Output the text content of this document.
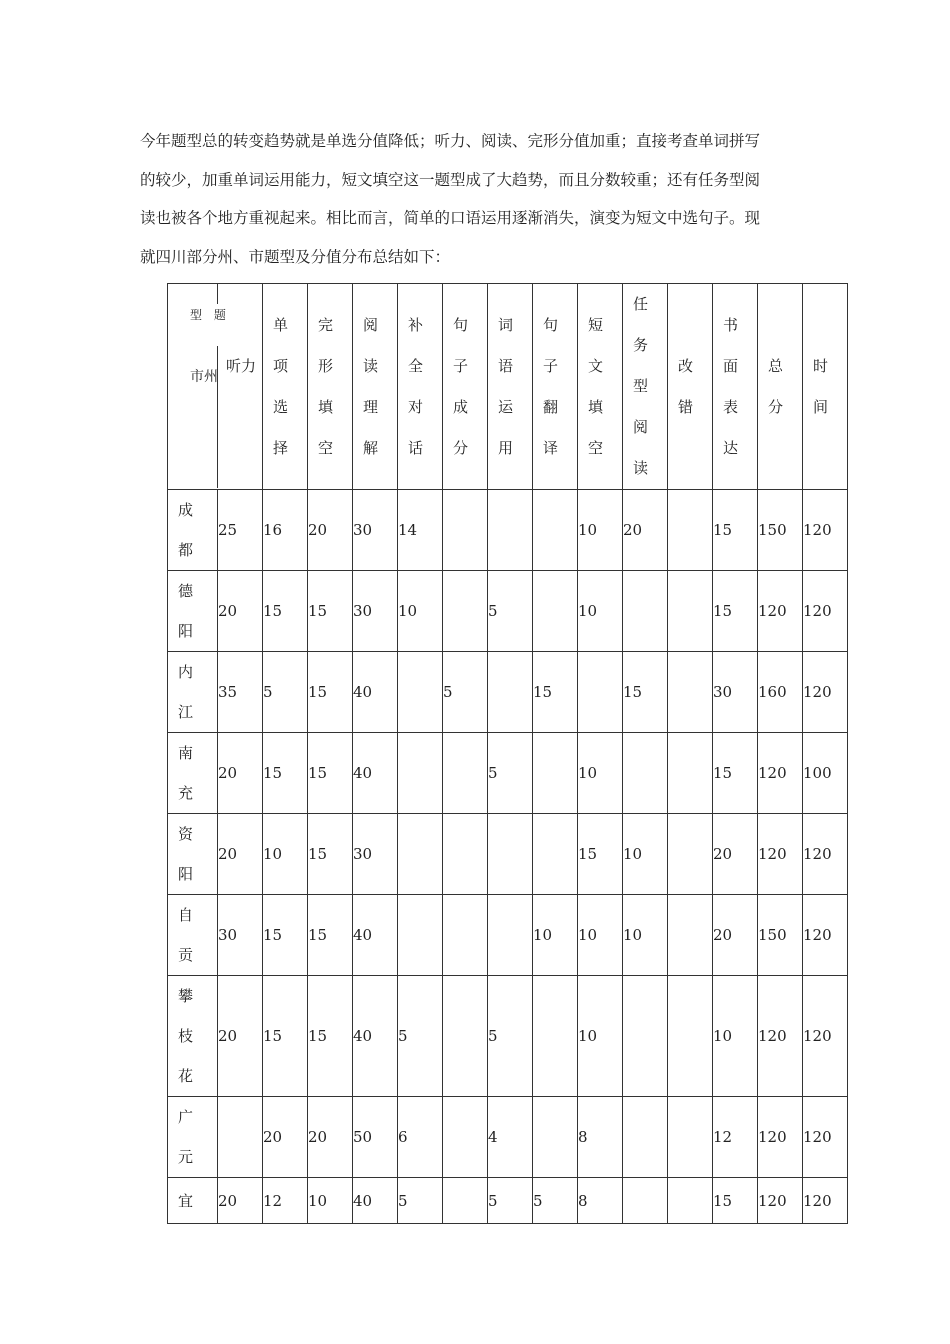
今年题型总的转变趋势就是单选分值降低；听力、阅读、完形分值加重；直接考查单词拼写
的较少，加重单词运用能力，短文填空这一题型成了大趋势，而且分数较重；还有任务型阅
读也被各个地方重视起来。相比而言，简单的口语运用逐渐消失，演变为短文中选句子。现
就四川部分州、市题型及分值分布总结如下：
型 题
市州
听力		单
项
选
择	完
形
填
空	阅
读
理
解	补
全
对
话	句
子
成
分	词
语
运
用	句
子
翻
译	短
文
填
空	任
务
型
阅
读	改
错	书
面
表
达	总
分	时
间

成
都	25	16	20	30	14				10	20		15	150	120

德
阳	20	15	15	30	10		5		10			15	120	120

内
江	35	5	15	40		5		15		15		30	160	120

南
充	20	15	15	40			5		10			15	120	100

资
阳	20	10	15	30					15	10		20	120	120

自
贡	30	15	15	40				10	10	10		20	150	120

攀
枝
花	20	15	15	40	5		5		10			10	120	120

广
元		20	20	50	6		4		8			12	120	120

宜	20	12	10	40	5		5	5	8			15	120	120
